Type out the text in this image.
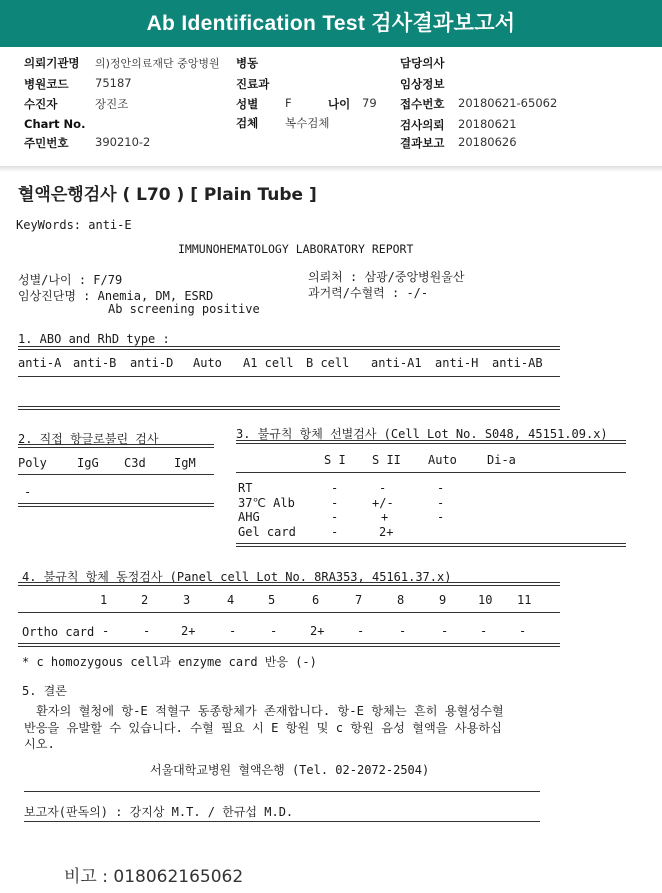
Ab Identification Test 검사결과보고서
의뢰기관명 의)정안의료재단 중앙병원 병동	담당의사
병원코드 75187	진료과	임상정보
수진자	장진조	성별 F	나이 79 접수번호 20180621-65062
Chart No.	검체 복수검체	검사의뢰 20180621
주민번호 390210-2	결과보고 20180626
혈액은행검사 ( L70 ) [ Plain Tube ]
KeyWords: anti-E
IMMUNOHEMATOLOGY LABORATORY REPORT
성별/나이 : F/79
임상진단명 : Anemia, DM, ESRD
Ab screening positive
의뢰처 : 삼광/중앙병원울산
과거력/수혈력 : -/-
1. ABO and RhD type :
anti-A anti-B anti-D Auto A1 cell B cell anti-A1 anti-H anti-AB
2. 직접 항글로불린 검사
Poly	IgG C3d IgM
-
3. 불규칙 항체 선별검사 (Cell Lot No. S048, 45151.09.x)
S I S II Auto	Di-a
RT	-	-	-
37℃ Alb	-	+/-	-
AHG	-	+	-
Gel card	-	2+
4. 불규칙 항체 동정검사 (Panel cell Lot No. 8RA353, 45161.37.x)
1	2	3	4	5	6	7	8	9	10 11
Ortho card -	-	2+	-	-	2+	-	-	-	-	-
* c homozygous cell과 enzyme card 반응 (-)
5. 결론
환자의 혈청에 항-E 적혈구 동종항체가 존재합니다. 항-E 항체는 흔히 용혈성수혈
반응을 유발할 수 있습니다. 수혈 필요 시 E 항원 및 c 항원 음성 혈액을 사용하십
시오.
서울대학교병원 혈액은행 (Tel. 02-2072-2504)
보고자(판독의) : 강지상 M.T. / 한규섭 M.D.
비고 : 018062165062
